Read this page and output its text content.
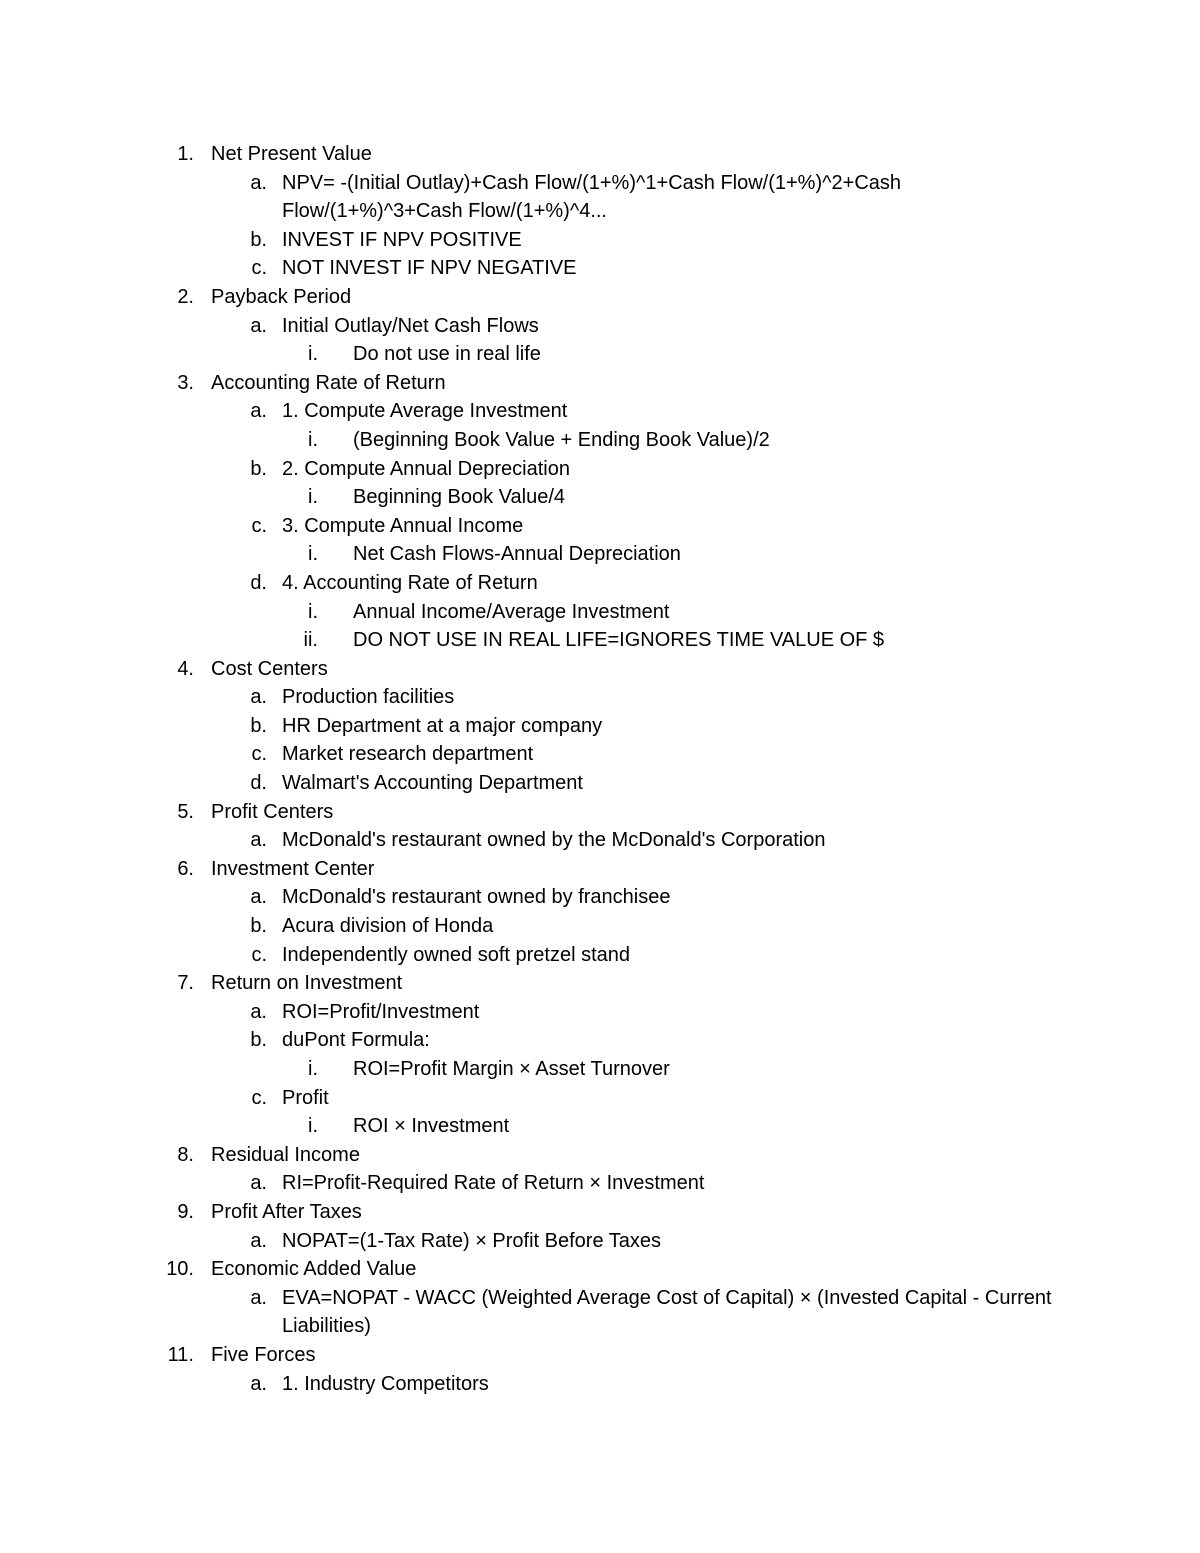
1. Net Present Value
a. NPV= -(Initial Outlay)+Cash Flow/(1+%)^1+Cash Flow/(1+%)^2+Cash Flow/(1+%)^3+Cash Flow/(1+%)^4...
b. INVEST IF NPV POSITIVE
c. NOT INVEST IF NPV NEGATIVE
2. Payback Period
a. Initial Outlay/Net Cash Flows
i. Do not use in real life
3. Accounting Rate of Return
a. 1. Compute Average Investment
i. (Beginning Book Value + Ending Book Value)/2
b. 2. Compute Annual Depreciation
i. Beginning Book Value/4
c. 3. Compute Annual Income
i. Net Cash Flows-Annual Depreciation
d. 4. Accounting Rate of Return
i. Annual Income/Average Investment
ii. DO NOT USE IN REAL LIFE=IGNORES TIME VALUE OF $
4. Cost Centers
a. Production facilities
b. HR Department at a major company
c. Market research department
d. Walmart's Accounting Department
5. Profit Centers
a. McDonald's restaurant owned by the McDonald's Corporation
6. Investment Center
a. McDonald's restaurant owned by franchisee
b. Acura division of Honda
c. Independently owned soft pretzel stand
7. Return on Investment
a. ROI=Profit/Investment
b. duPont Formula:
i. ROI=Profit Margin × Asset Turnover
c. Profit
i. ROI × Investment
8. Residual Income
a. RI=Profit-Required Rate of Return × Investment
9. Profit After Taxes
a. NOPAT=(1-Tax Rate) × Profit Before Taxes
10. Economic Added Value
a. EVA=NOPAT - WACC (Weighted Average Cost of Capital) × (Invested Capital - Current Liabilities)
11. Five Forces
a. 1. Industry Competitors
